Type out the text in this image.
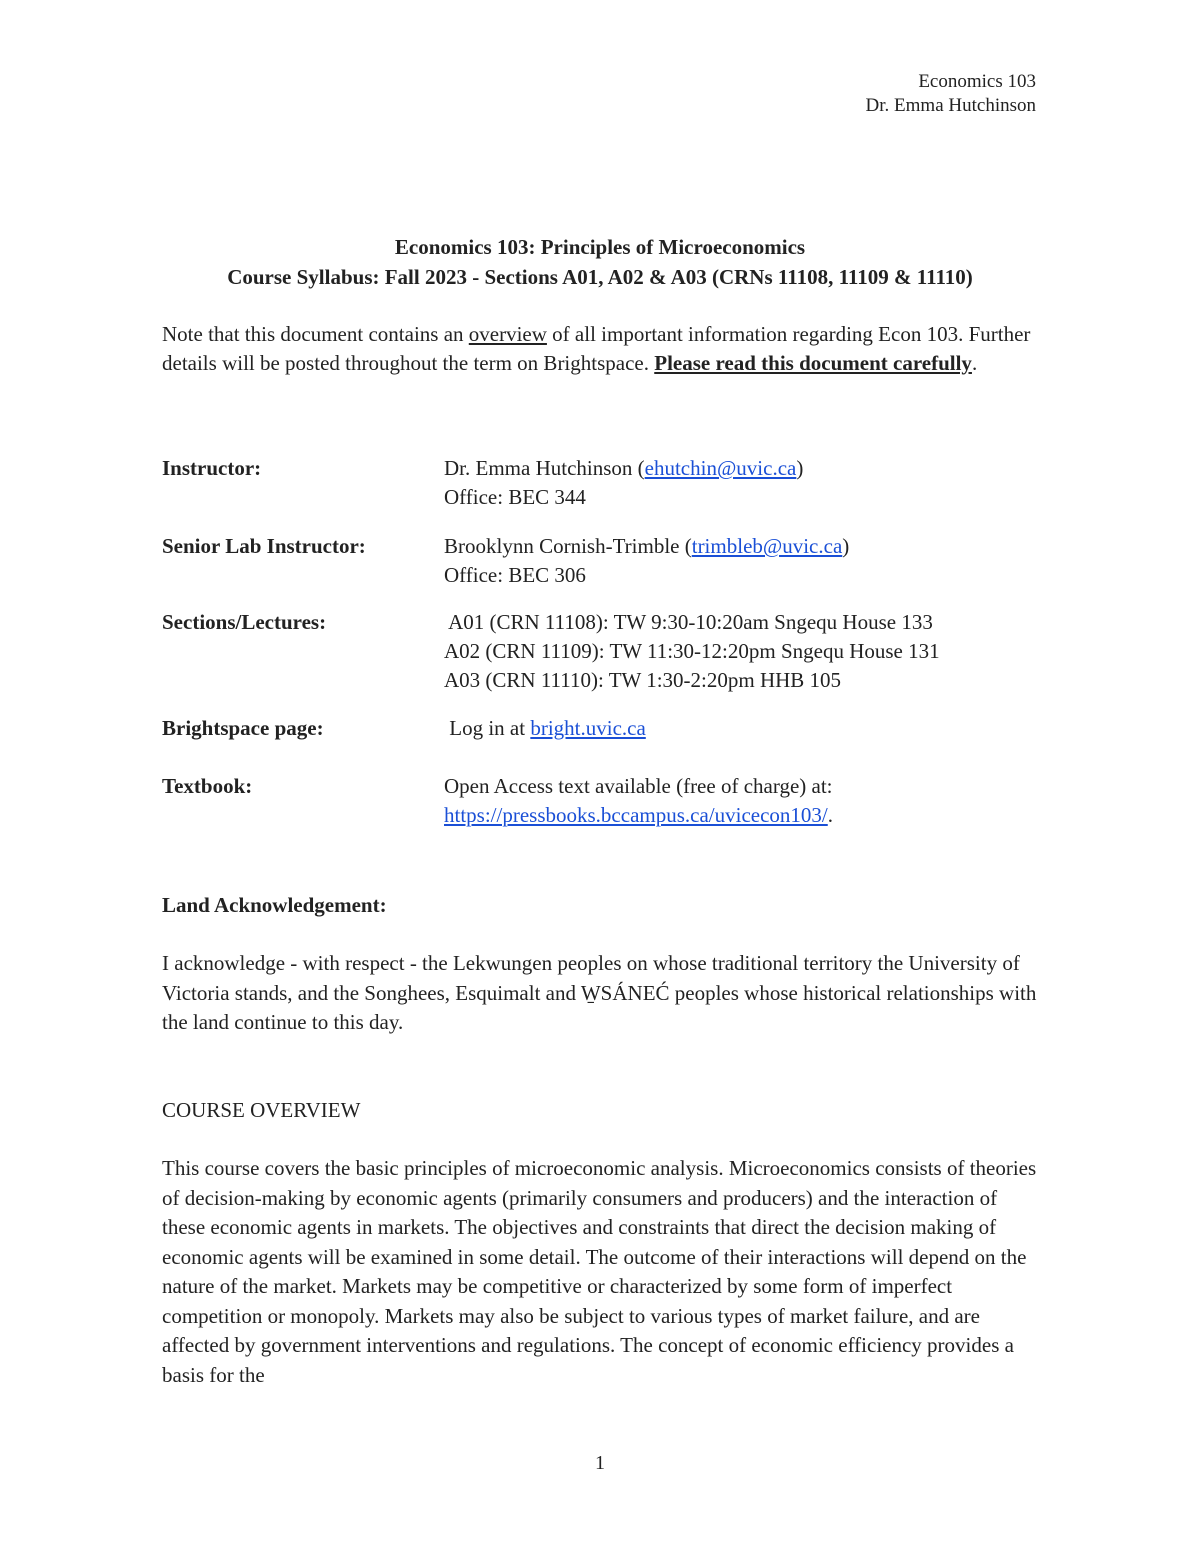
Economics 103
Dr. Emma Hutchinson
Economics 103: Principles of Microeconomics
Course Syllabus: Fall 2023 - Sections A01, A02 & A03 (CRNs 11108, 11109 & 11110)
Note that this document contains an overview of all important information regarding Econ 103. Further details will be posted throughout the term on Brightspace. Please read this document carefully.
Instructor:	Dr. Emma Hutchinson (ehutchin@uvic.ca)
Office: BEC 344
Senior Lab Instructor:	Brooklynn Cornish-Trimble (trimbleb@uvic.ca)
Office: BEC 306
Sections/Lectures:	A01 (CRN 11108): TW 9:30-10:20am Sngequ House 133
A02 (CRN 11109): TW 11:30-12:20pm Sngequ House 131
A03 (CRN 11110): TW 1:30-2:20pm HHB 105
Brightspace page:	Log in at bright.uvic.ca
Textbook:	Open Access text available (free of charge) at:
https://pressbooks.bccampus.ca/uvicecon103/.
Land Acknowledgement:
I acknowledge - with respect - the Lekwungen peoples on whose traditional territory the University of Victoria stands, and the Songhees, Esquimalt and W̱SÁNEĆ peoples whose historical relationships with the land continue to this day.
COURSE OVERVIEW
This course covers the basic principles of microeconomic analysis. Microeconomics consists of theories of decision-making by economic agents (primarily consumers and producers) and the interaction of these economic agents in markets. The objectives and constraints that direct the decision making of economic agents will be examined in some detail. The outcome of their interactions will depend on the nature of the market. Markets may be competitive or characterized by some form of imperfect competition or monopoly. Markets may also be subject to various types of market failure, and are affected by government interventions and regulations. The concept of economic efficiency provides a basis for the
1
